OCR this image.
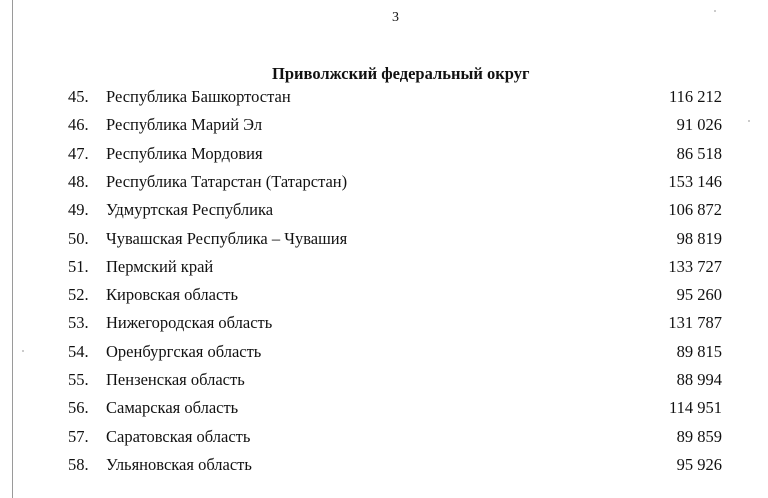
3
Приволжский федеральный округ
45. Республика Башкортостан	116 212
46. Республика Марий Эл	91 026
47. Республика Мордовия	86 518
48. Республика Татарстан (Татарстан)	153 146
49. Удмуртская Республика	106 872
50. Чувашская Республика – Чувашия	98 819
51. Пермский край	133 727
52. Кировская область	95 260
53. Нижегородская область	131 787
54. Оренбургская область	89 815
55. Пензенская область	88 994
56. Самарская область	114 951
57. Саратовская область	89 859
58. Ульяновская область	95 926
